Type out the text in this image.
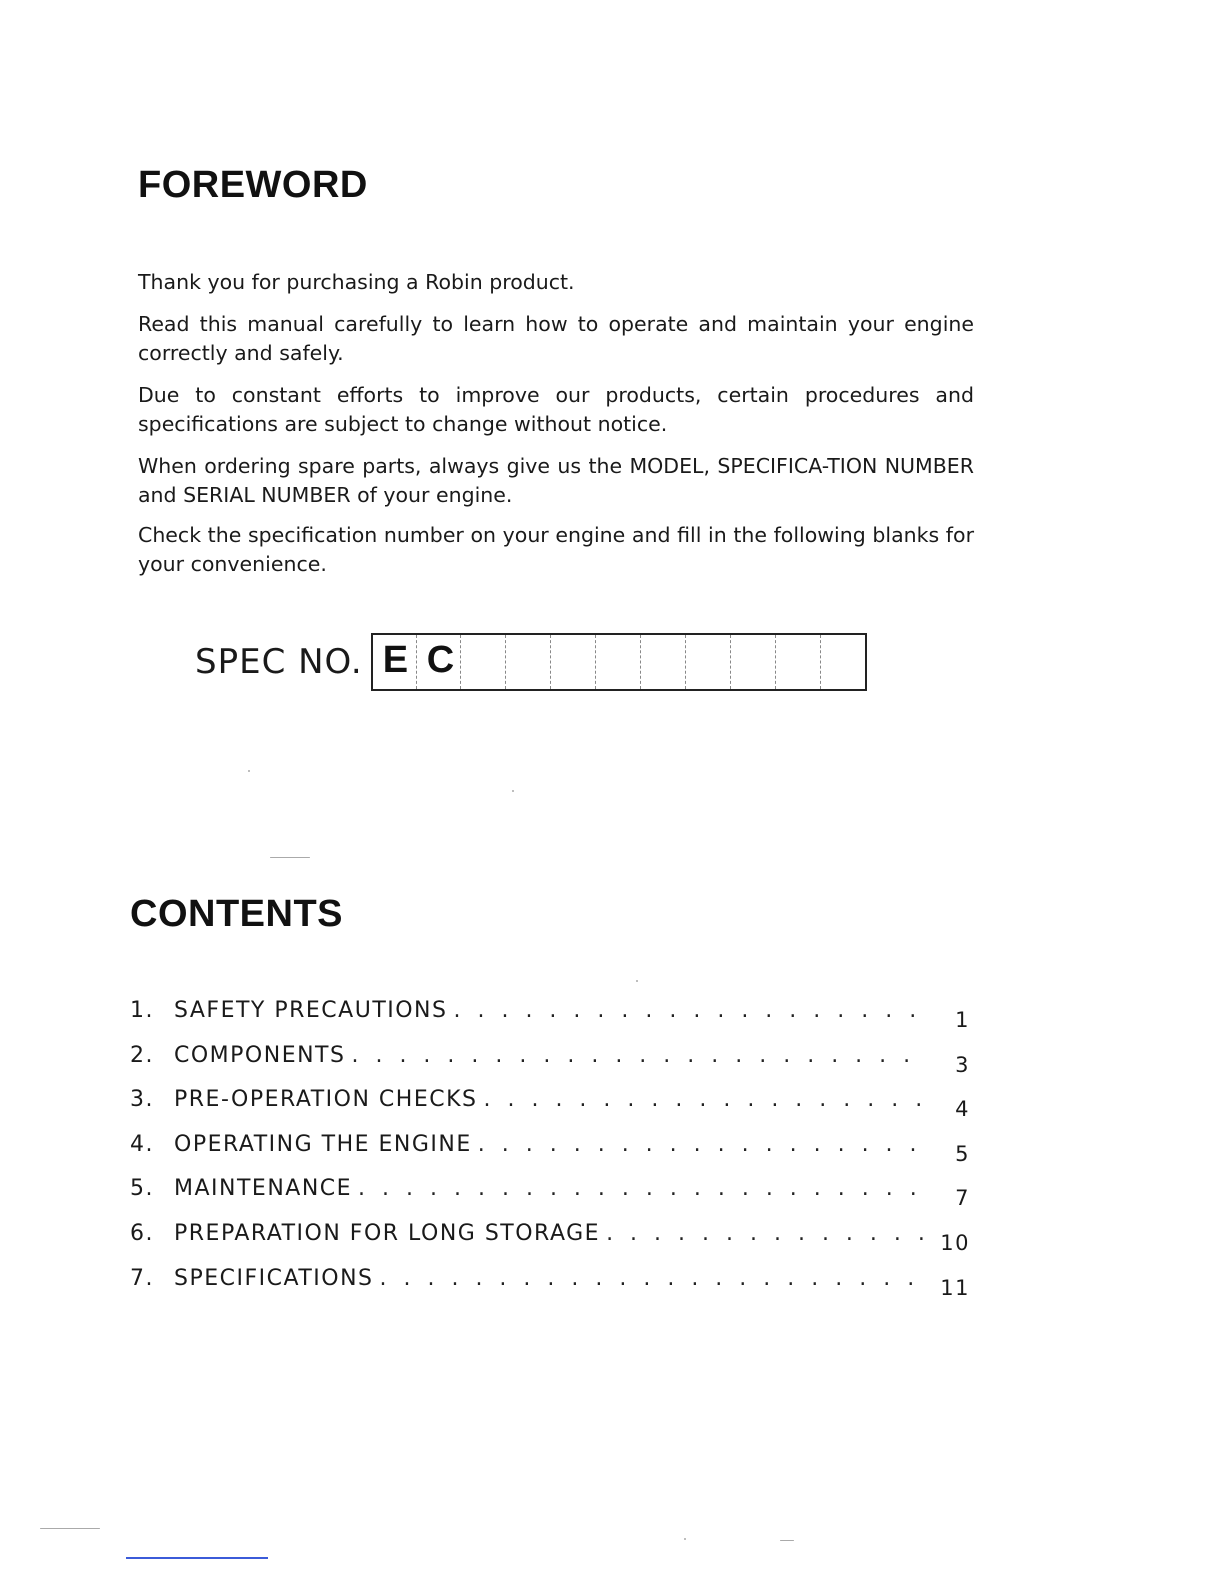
FOREWORD

Thank you for purchasing a Robin product.

Read this manual carefully to learn how to operate and maintain your engine correctly and safely.

Due to constant efforts to improve our products, certain procedures and specifications are subject to change without notice.

When ordering spare parts, always give us the MODEL, SPECIFICA-TION NUMBER and SERIAL NUMBER of your engine.

Check the specification number on your engine and fill in the following blanks for your convenience.

SPEC NO. E C
CONTENTS
1. SAFETY PRECAUTIONS . . .	1
2. COMPONENTS . . .	3
3. PRE-OPERATION CHECKS . . .	4
4. OPERATING THE ENGINE . . .	5
5. MAINTENANCE . . .	7
6. PREPARATION FOR LONG STORAGE . . .	10
7. SPECIFICATIONS . . .	11
